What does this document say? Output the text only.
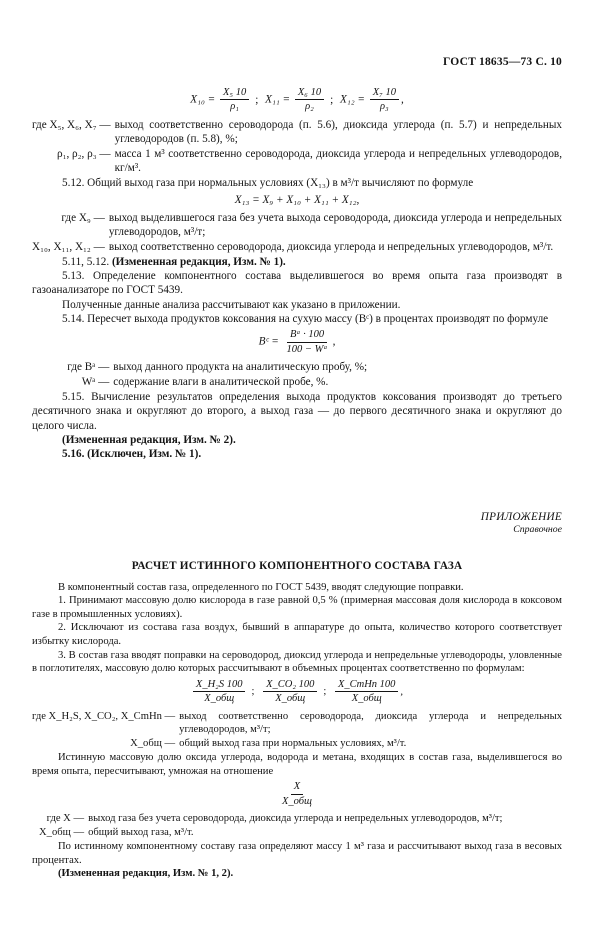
ГОСТ 18635—73 С. 10
$X_{10} = \frac{\text{X₅ 10}}{\text{ρ₁}}$ ; $X_{11} = \frac{\text{X₆ 10}}{\text{ρ₂}}$ ; $X_{12} = \frac{\text{X₇ 10}}{\text{ρ₃}}$ ,
где X₅, X₆, X₇ —	выход соответственно сероводорода (п. 5.6), диоксида углерода (п. 5.7) и непредельных углеводородов (п. 5.8), %;
ρ₁, ρ₂, ρ₃ —	масса 1 м³ соответственно сероводорода, диоксида углерода и непредельных углеводородов, кг/м³.

5.12. Общий выход газа при нормальных условиях (X₁₃) в м³/т вычисляют по формуле

X₁₃ = X₉ + X₁₀ + X₁₁ + X₁₂,
где X₉ —	выход выделившегося газа без учета выхода сероводорода, диоксида углерода и непредельных углеводородов, м³/т;
X₁₀, X₁₁, X₁₂ —	выход соответственно сероводорода, диоксида углерода и непредельных углеводородов, м³/т.

5.11, 5.12. (Измененная редакция, Изм. № 1).

5.13. Определение компонентного состава выделившегося во время опыта газа производят в газоанализаторе по ГОСТ 5439.

Полученные данные анализа рассчитывают как указано в приложении.

5.14. Пересчет выхода продуктов коксования на сухую массу (Bᶜ) в процентах производят по формуле

Bᶜ = $\frac{\text{Bᵃ · 100}}{\text{100 − Wᵃ}}$ ,
где Bᵃ —	выход данного продукта на аналитическую пробу, %;
Wᵃ —	содержание влаги в аналитической пробе, %.

5.15. Вычисление результатов определения выхода продуктов коксования производят до третьего десятичного знака и округляют до второго, а выход газа — до первого десятичного знака и округляют до целого числа.

(Измененная редакция, Изм. № 2).

5.16. (Исключен, Изм. № 1).

ПРИЛОЖЕНИЕ
Справочное
РАСЧЕТ ИСТИННОГО КОМПОНЕНТНОГО СОСТАВА ГАЗА

В компонентный состав газа, определенного по ГОСТ 5439, вводят следующие поправки.

1. Принимают массовую долю кислорода в газе равной 0,5 % (примерная массовая доля кислорода в коксовом газе в промышленных условиях).

2. Исключают из состава газа воздух, бывший в аппаратуре до опыта, количество которого соответствует избытку кислорода.

3. В состав газа вводят поправки на сероводород, диоксид углерода и непредельные углеводороды, уловленные в поглотителях, массовую долю которых рассчитывают в объемных процентах соответственно по формулам:

$\frac{\text{X\_H₂S 100}}{\text{X\_общ}}$ ; $\frac{\text{X\_CO₂ 100}}{\text{X\_общ}}$ ; $\frac{\text{X\_CmHn 100}}{\text{X\_общ}}$ ,
где X_H₂S, X_CO₂, X_CmHn —	выход соответственно сероводорода, диоксида углерода и непредельных углеводородов, м³/т;
X_общ —	общий выход газа при нормальных условиях, м³/т.

Истинную массовую долю оксида углерода, водорода и метана, входящих в состав газа, выделившегося во время опыта, пересчитывают, умножая на отношение

$\frac{X}{\text{X\_общ}}$
где X —	выход газа без учета сероводорода, диоксида углерода и непредельных углеводородов, м³/т;
X_общ —	общий выход газа, м³/т.

По истинному компонентному составу газа определяют массу 1 м³ газа и рассчитывают выход газа в весовых процентах.

(Измененная редакция, Изм. № 1, 2).
